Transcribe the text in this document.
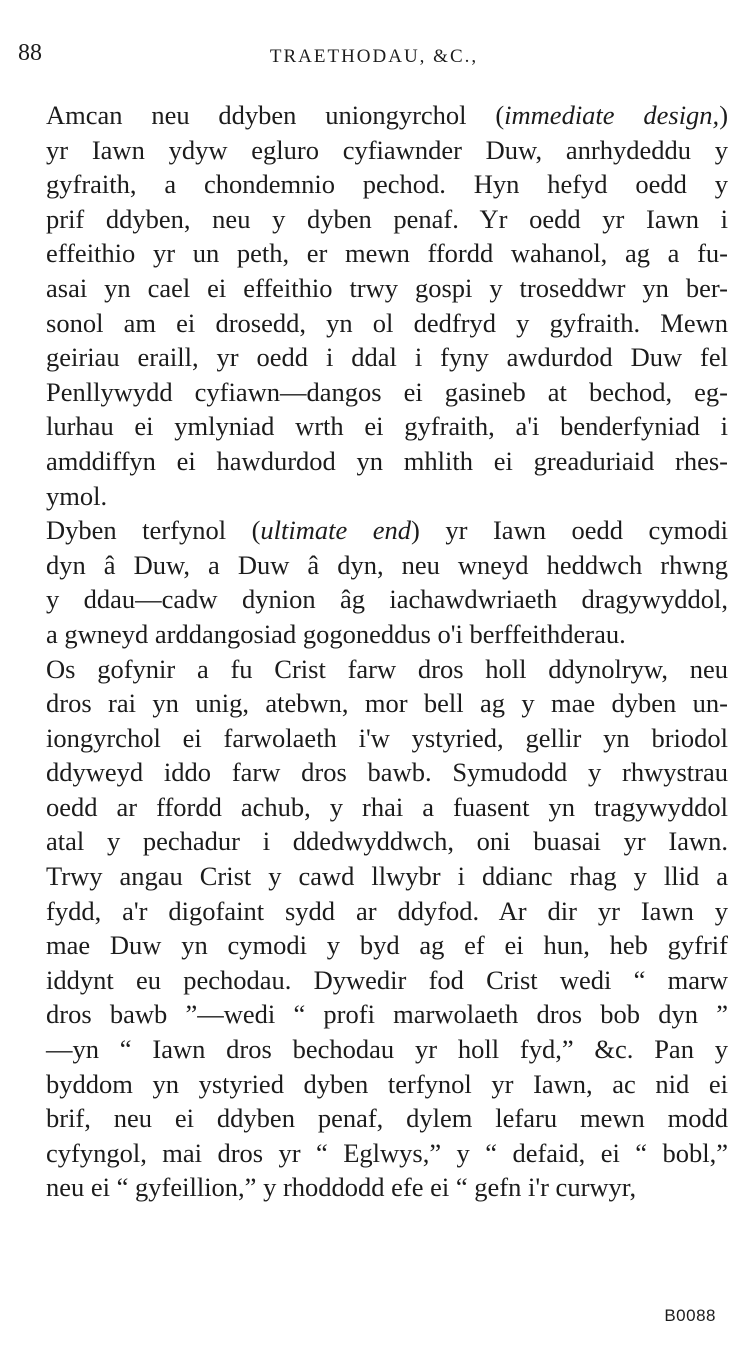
88	TRAETHODAU, &C.,

Amcan neu ddyben uniongyrchol (immediate design,)
yr Iawn ydyw egluro cyfiawnder Duw, anrhydeddu y
gyfraith, a chondemnio pechod. Hyn hefyd oedd y
prif ddyben, neu y dyben penaf. Yr oedd yr Iawn i
effeithio yr un peth, er mewn ffordd wahanol, ag a fu-
asai yn cael ei effeithio trwy gospi y troseddwr yn ber-
sonol am ei drosedd, yn ol dedfryd y gyfraith. Mewn
geiriau eraill, yr oedd i ddal i fyny awdurdod Duw fel
Penllywydd cyfiawn—dangos ei gasineb at bechod, eg-
lurhau ei ymlyniad wrth ei gyfraith, a'i benderfyniad i
amddiffyn ei hawdurdod yn mhlith ei greaduriaid rhes-
ymol.

Dyben terfynol (ultimate end) yr Iawn oedd cymodi
dyn â Duw, a Duw â dyn, neu wneyd heddwch rhwng
y ddau—cadw dynion âg iachawdwriaeth dragywyddol,
a gwneyd arddangosiad gogoneddus o'i berffeithderau.

Os gofynir a fu Crist farw dros holl ddynolryw, neu
dros rai yn unig, atebwn, mor bell ag y mae dyben un-
iongyrchol ei farwolaeth i'w ystyried, gellir yn briodol
ddyweyd iddo farw dros bawb. Symudodd y rhwystrau
oedd ar ffordd achub, y rhai a fuasent yn tragywyddol
atal y pechadur i ddedwyddwch, oni buasai yr Iawn.
Trwy angau Crist y cawd llwybr i ddianc rhag y llid a
fydd, a'r digofaint sydd ar ddyfod. Ar dir yr Iawn y
mae Duw yn cymodi y byd ag ef ei hun, heb gyfrif
iddynt eu pechodau. Dywedir fod Crist wedi “ marw
dros bawb ”—wedi “ profi marwolaeth dros bob dyn ”
—yn “ Iawn dros bechodau yr holl fyd,” &c. Pan y
byddom yn ystyried dyben terfynol yr Iawn, ac nid ei
brif, neu ei ddyben penaf, dylem lefaru mewn modd
cyfyngol, mai dros yr “ Eglwys,” y “ defaid, ei “ bobl,”
neu ei “ gyfeillion,” y rhoddodd efe ei “ gefn i'r curwyr,

B0088
